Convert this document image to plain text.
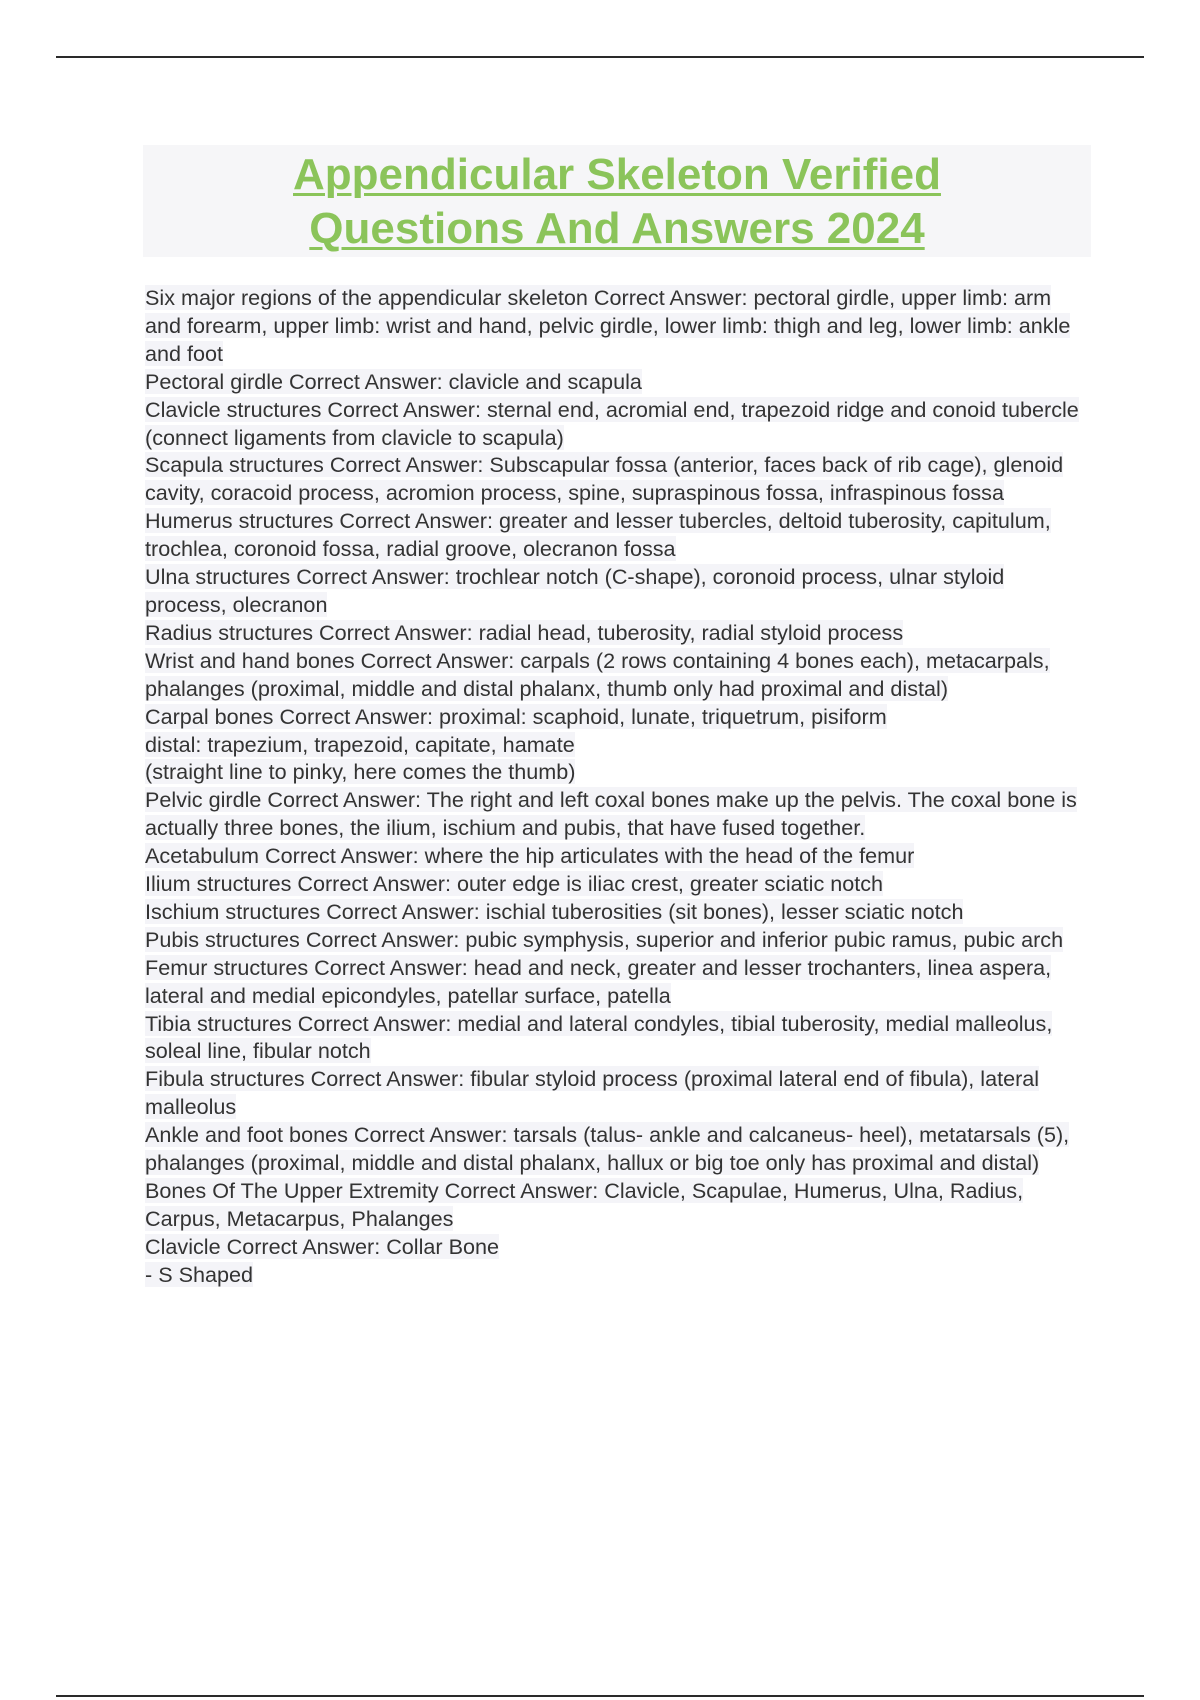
Appendicular Skeleton Verified
Questions And Answers 2024
Six major regions of the appendicular skeleton Correct Answer: pectoral girdle, upper limb: arm and forearm, upper limb: wrist and hand, pelvic girdle, lower limb: thigh and leg, lower limb: ankle and foot
Pectoral girdle Correct Answer: clavicle and scapula
Clavicle structures Correct Answer: sternal end, acromial end, trapezoid ridge and conoid tubercle (connect ligaments from clavicle to scapula)
Scapula structures Correct Answer: Subscapular fossa (anterior, faces back of rib cage), glenoid cavity, coracoid process, acromion process, spine, supraspinous fossa, infraspinous fossa
Humerus structures Correct Answer: greater and lesser tubercles, deltoid tuberosity, capitulum, trochlea, coronoid fossa, radial groove, olecranon fossa
Ulna structures Correct Answer: trochlear notch (C-shape), coronoid process, ulnar styloid process, olecranon
Radius structures Correct Answer: radial head, tuberosity, radial styloid process
Wrist and hand bones Correct Answer: carpals (2 rows containing 4 bones each), metacarpals, phalanges (proximal, middle and distal phalanx, thumb only had proximal and distal)
Carpal bones Correct Answer: proximal: scaphoid, lunate, triquetrum, pisiform
distal: trapezium, trapezoid, capitate, hamate
(straight line to pinky, here comes the thumb)
Pelvic girdle Correct Answer: The right and left coxal bones make up the pelvis. The coxal bone is actually three bones, the ilium, ischium and pubis, that have fused together.
Acetabulum Correct Answer: where the hip articulates with the head of the femur
Ilium structures Correct Answer: outer edge is iliac crest, greater sciatic notch
Ischium structures Correct Answer: ischial tuberosities (sit bones), lesser sciatic notch
Pubis structures Correct Answer: pubic symphysis, superior and inferior pubic ramus, pubic arch
Femur structures Correct Answer: head and neck, greater and lesser trochanters, linea aspera, lateral and medial epicondyles, patellar surface, patella
Tibia structures Correct Answer: medial and lateral condyles, tibial tuberosity, medial malleolus, soleal line, fibular notch
Fibula structures Correct Answer: fibular styloid process (proximal lateral end of fibula), lateral malleolus
Ankle and foot bones Correct Answer: tarsals (talus- ankle and calcaneus- heel), metatarsals (5), phalanges (proximal, middle and distal phalanx, hallux or big toe only has proximal and distal)
Bones Of The Upper Extremity Correct Answer: Clavicle, Scapulae, Humerus, Ulna, Radius, Carpus, Metacarpus, Phalanges
Clavicle Correct Answer: Collar Bone
- S Shaped
